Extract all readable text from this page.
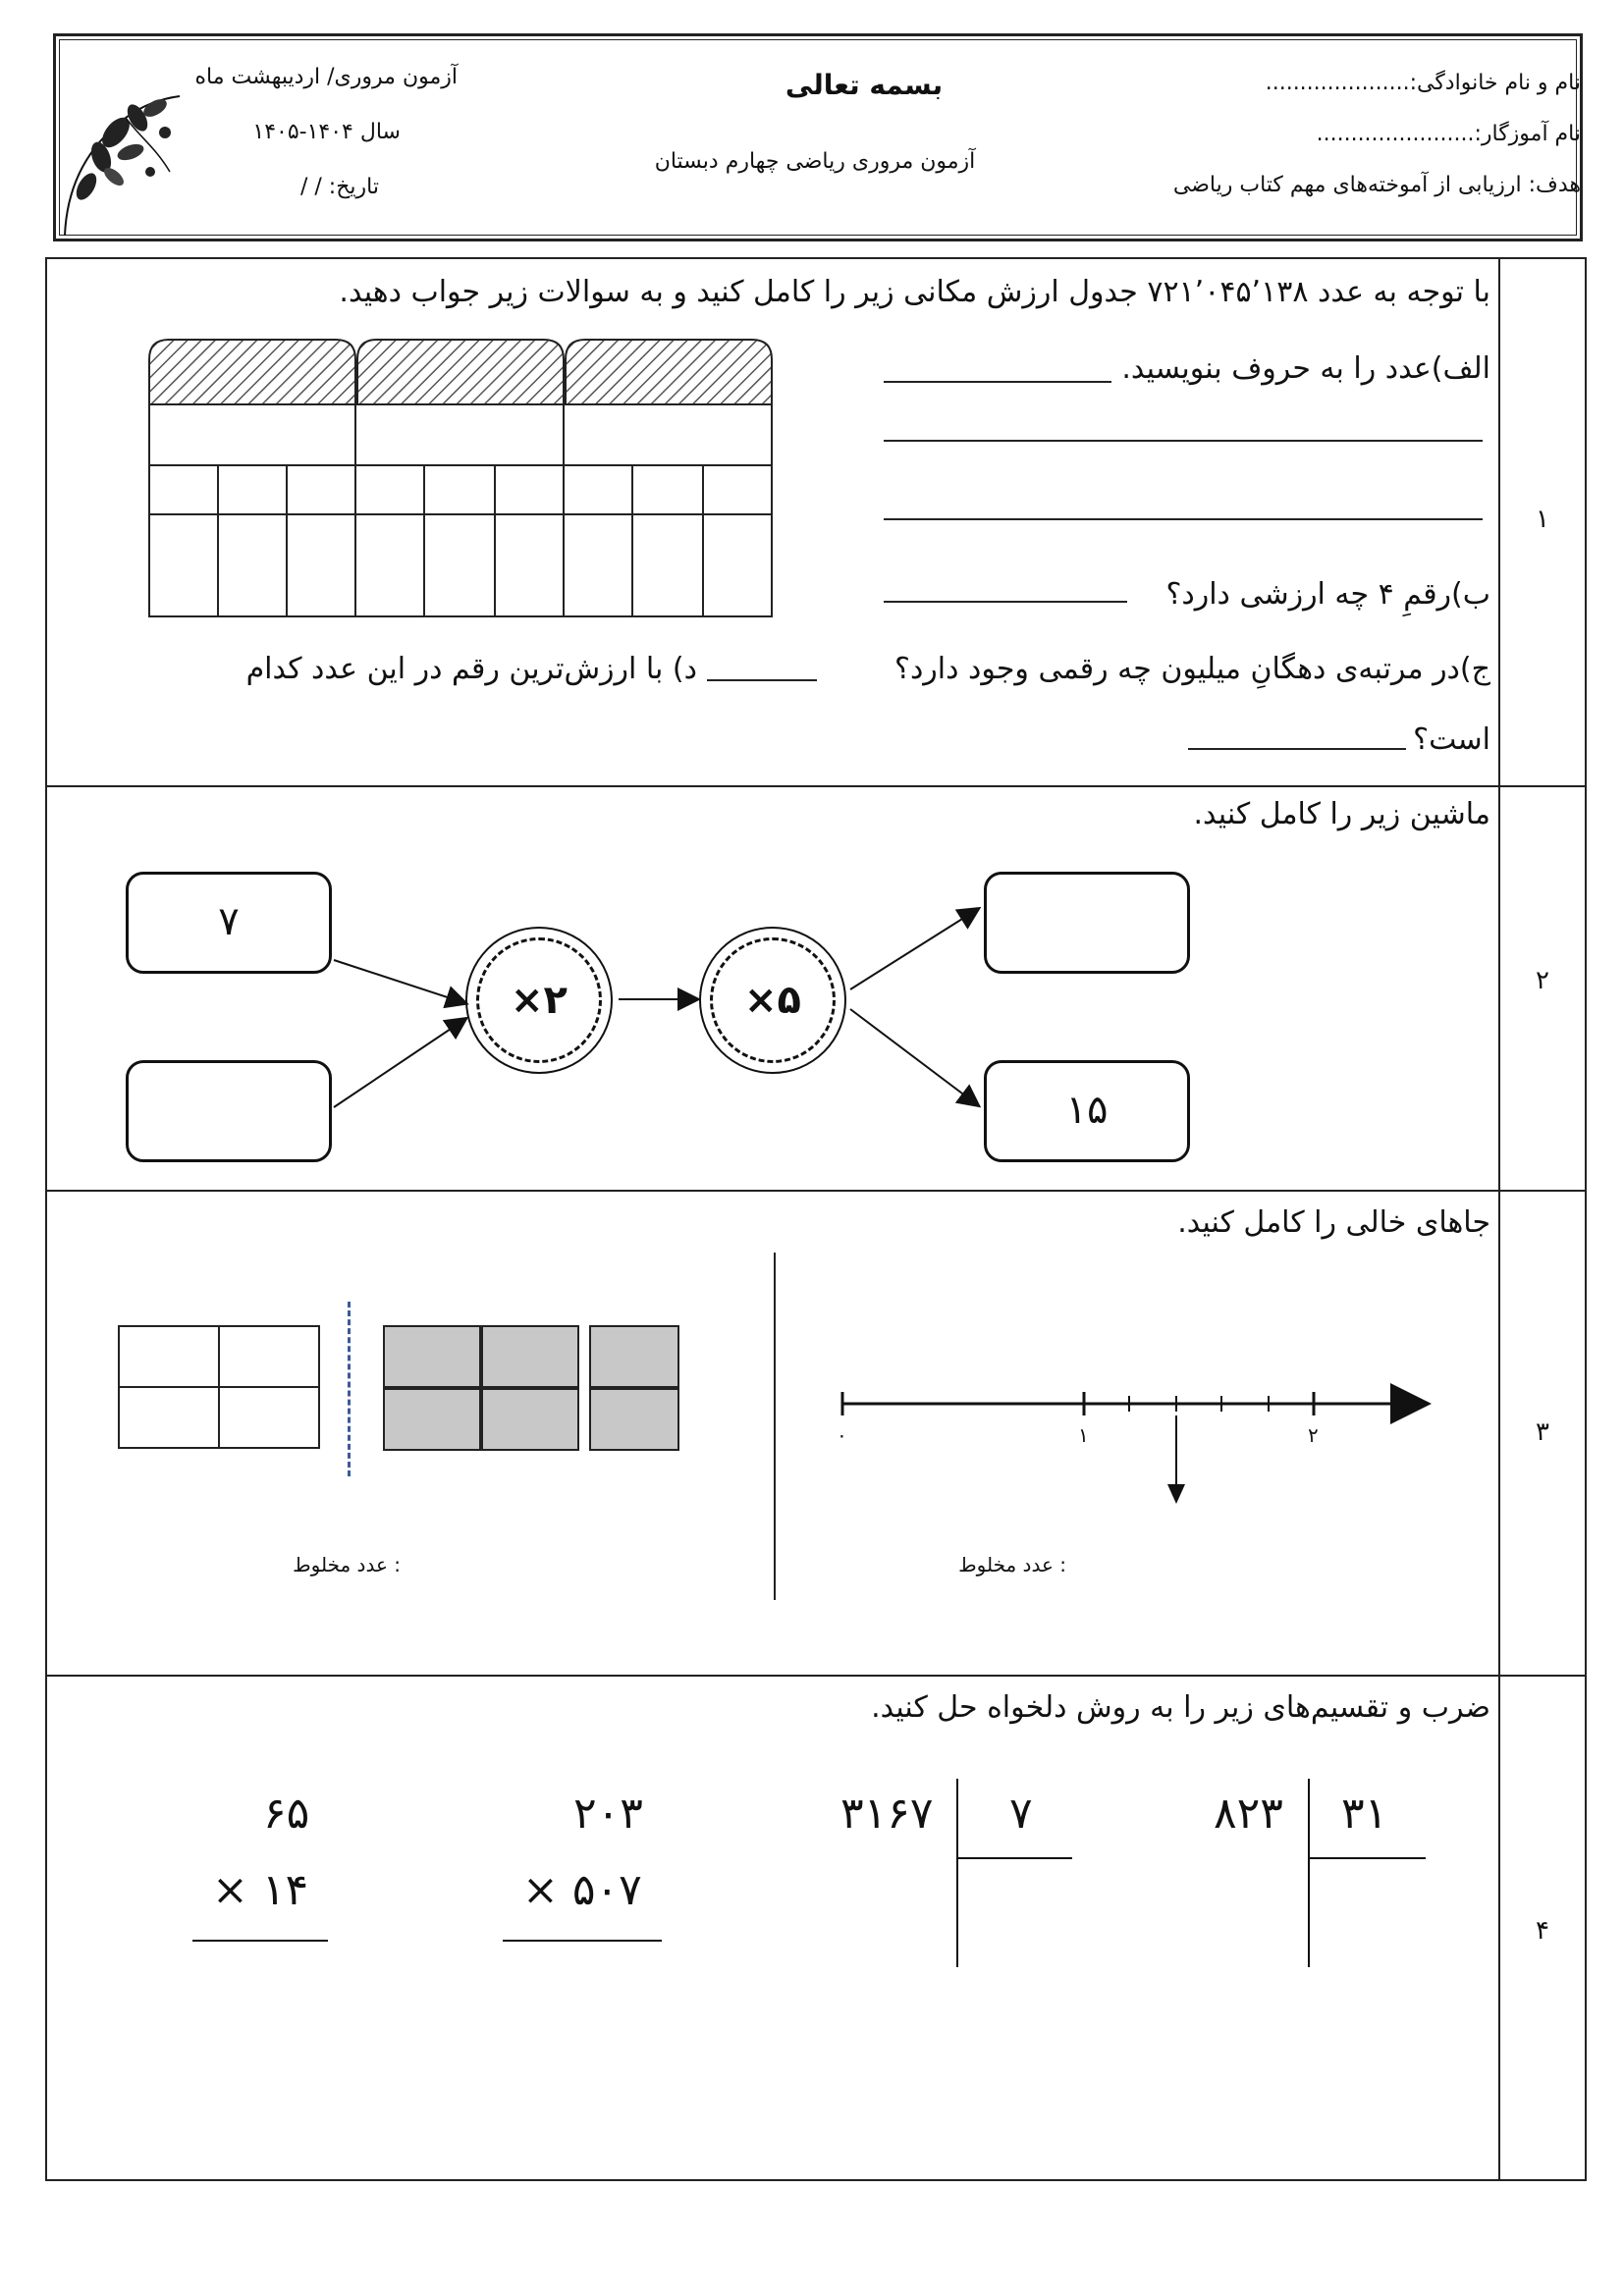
نام و نام خانوادگی:.....................
نام آموزگار:.......................
هدف: ارزیابی از آموخته‌های مهم کتاب ریاضی
بسمه تعالی
آزمون مروری ریاضی چهارم دبستان
آزمون مروری/ اردیبهشت ماه
سال ۱۴۰۴-۱۴۰۵
تاریخ: / /
۱
با توجه به عدد ۷۲۱٬۰۴۵٬۱۳۸ جدول ارزش مکانی زیر را کامل کنید و به سوالات زیر جواب دهید.
الف)عدد را به حروف بنویسید.
ب)رقمِ ۴ چه ارزشی دارد؟
ج)در مرتبه‌ی دهگانِ میلیون چه رقمی وجود دارد؟
د) با ارزش‌ترین رقم در این عدد کدام
است؟
۲
ماشین زیر را کامل کنید.
۷
×۲	×۵
۱۵
۳
جاهای خالی را کامل کنید.
۰	۱	۲
: عدد مخلوط
: عدد مخلوط
۴
ضرب و تقسیم‌های زیر را به روش دلخواه حل کنید.
۸۲۳ ۳۱
۳۱۶۷ ۷
۲۰۳
× ۵۰۷
۶۵
× ۱۴
